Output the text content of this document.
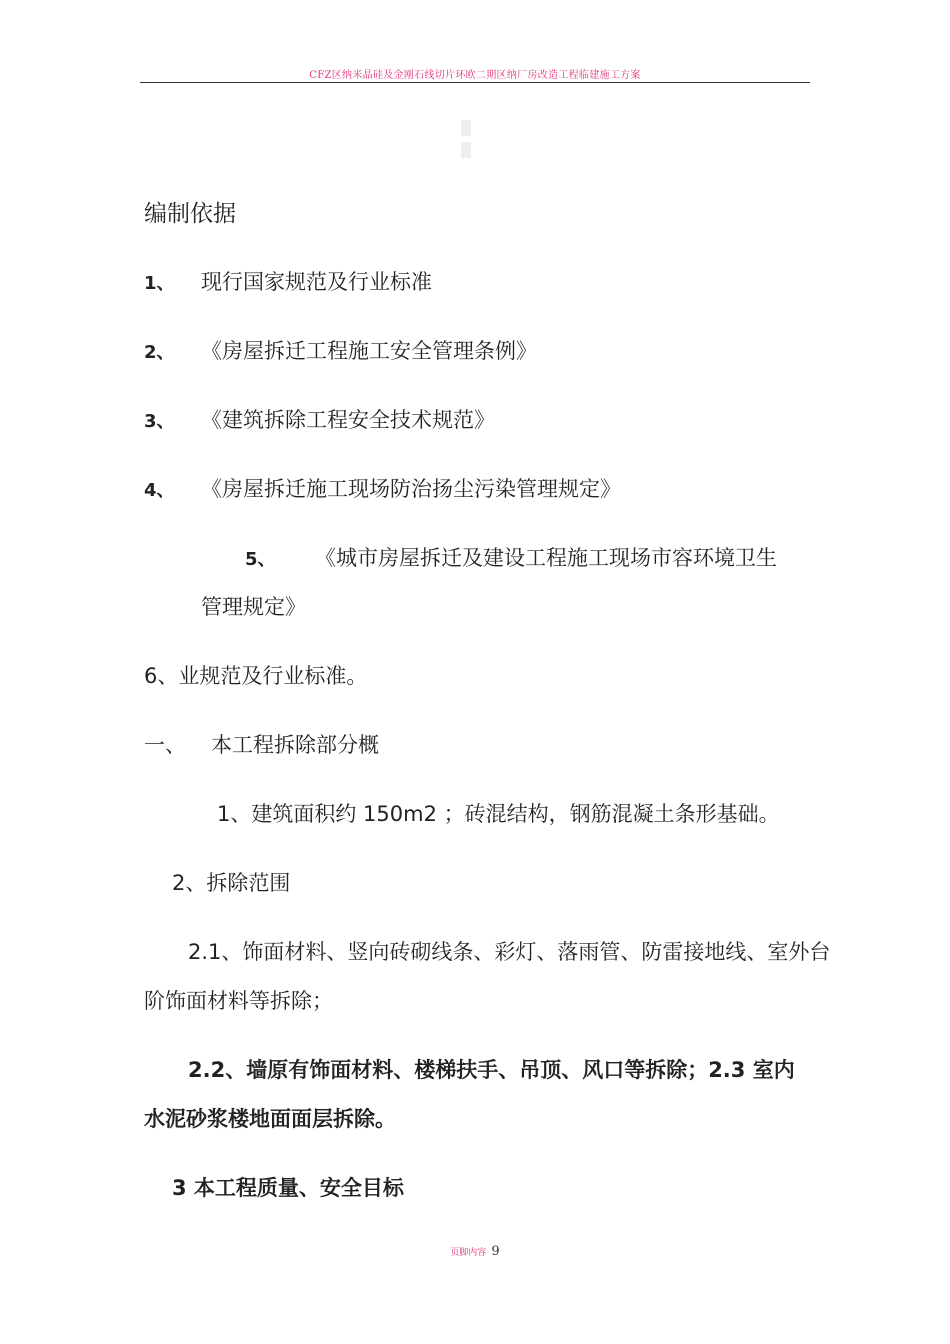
CFZ区纳米晶硅及金刚石线切片环欧二期区纳厂房改造工程临建施工方案
编制依据
1、 现行国家规范及行业标准
2、 《房屋拆迁工程施工安全管理条例》
3、 《建筑拆除工程安全技术规范》
4、 《房屋拆迁施工现场防治扬尘污染管理规定》
5、 《城市房屋拆迁及建设工程施工现场市容环境卫生
管理规定》
6、业规范及行业标准。
一、 本工程拆除部分概
1、建筑面积约 150m2 ；砖混结构，钢筋混凝土条形基础。
2、拆除范围
2.1、饰面材料、竖向砖砌线条、彩灯、落雨管、防雷接地线、室外台
阶饰面材料等拆除；
2.2、墙原有饰面材料、楼梯扶手、吊顶、风口等拆除；2.3 室内
水泥砂浆楼地面面层拆除。
3 本工程质量、安全目标
页脚内容 9
